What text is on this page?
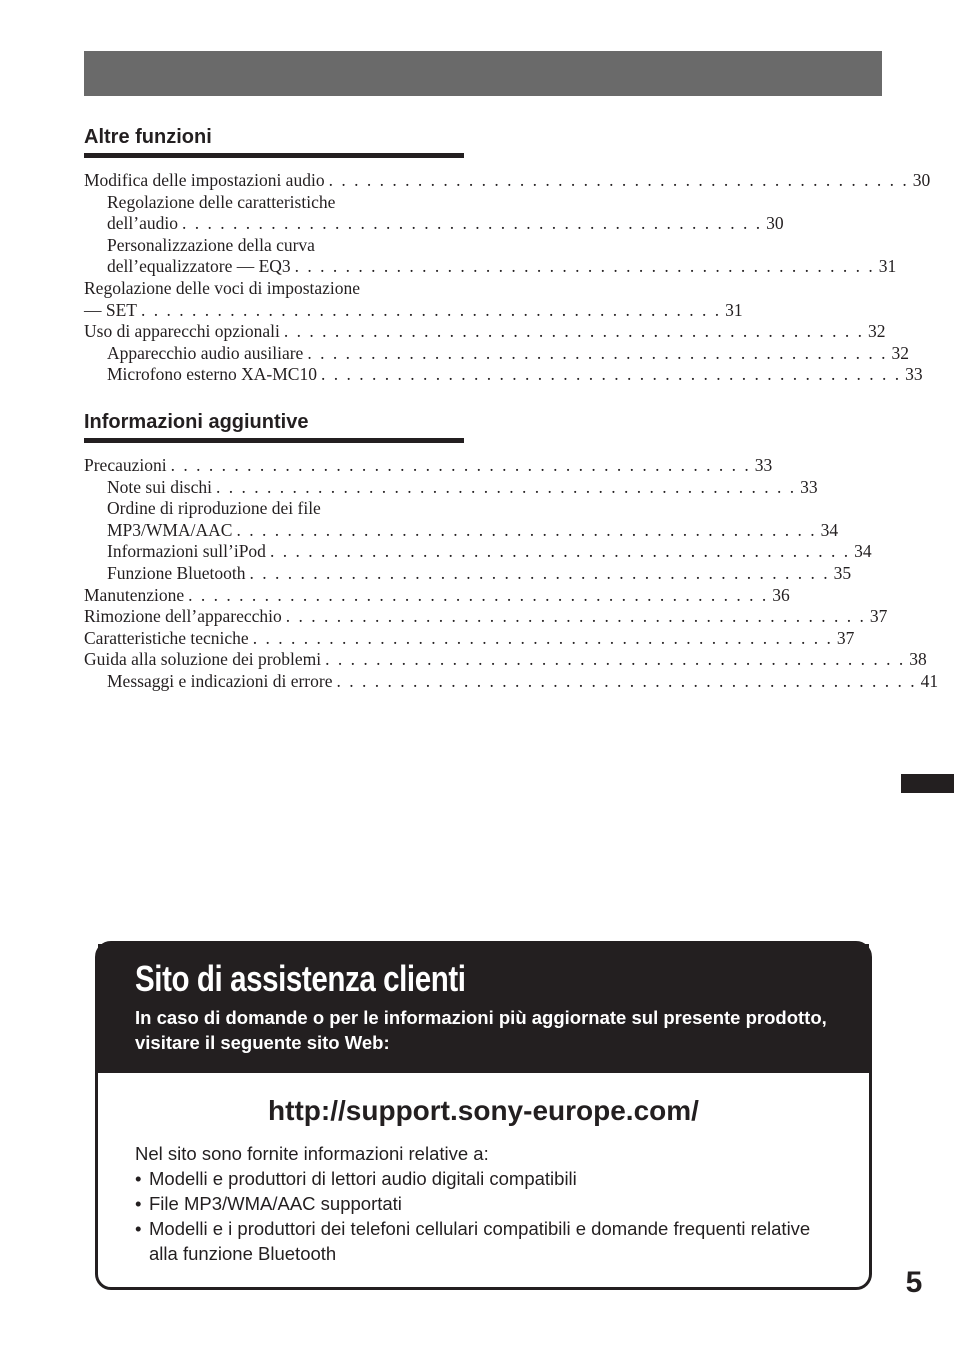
Altre funzioni
Modifica delle impostazioni audio . . . . . . . . . . . . . . . . . . . . . . . . . . . . . . . . . . . . . . . . . . . . . . 30
Regolazione delle caratteristiche
dell’audio . . . . . . . . . . . . . . . . . . . . . . . . . . . . . . . . . . . . . . . . . . . . . . 30
Personalizzazione della curva
dell’equalizzatore — EQ3 . . . . . . . . . . . . . . . . . . . . . . . . . . . . . . . . . . . . . . . . . . . . . . 31
Regolazione delle voci di impostazione
— SET . . . . . . . . . . . . . . . . . . . . . . . . . . . . . . . . . . . . . . . . . . . . . . 31
Uso di apparecchi opzionali . . . . . . . . . . . . . . . . . . . . . . . . . . . . . . . . . . . . . . . . . . . . . . 32
Apparecchio audio ausiliare . . . . . . . . . . . . . . . . . . . . . . . . . . . . . . . . . . . . . . . . . . . . . . 32
Microfono esterno XA-MC10 . . . . . . . . . . . . . . . . . . . . . . . . . . . . . . . . . . . . . . . . . . . . . . 33
Informazioni aggiuntive
Precauzioni . . . . . . . . . . . . . . . . . . . . . . . . . . . . . . . . . . . . . . . . . . . . . . 33
Note sui dischi . . . . . . . . . . . . . . . . . . . . . . . . . . . . . . . . . . . . . . . . . . . . . . 33
Ordine di riproduzione dei file
MP3/WMA/AAC . . . . . . . . . . . . . . . . . . . . . . . . . . . . . . . . . . . . . . . . . . . . . . 34
Informazioni sull’iPod . . . . . . . . . . . . . . . . . . . . . . . . . . . . . . . . . . . . . . . . . . . . . . 34
Funzione Bluetooth . . . . . . . . . . . . . . . . . . . . . . . . . . . . . . . . . . . . . . . . . . . . . . 35
Manutenzione . . . . . . . . . . . . . . . . . . . . . . . . . . . . . . . . . . . . . . . . . . . . . . 36
Rimozione dell’apparecchio . . . . . . . . . . . . . . . . . . . . . . . . . . . . . . . . . . . . . . . . . . . . . . 37
Caratteristiche tecniche . . . . . . . . . . . . . . . . . . . . . . . . . . . . . . . . . . . . . . . . . . . . . . 37
Guida alla soluzione dei problemi . . . . . . . . . . . . . . . . . . . . . . . . . . . . . . . . . . . . . . . . . . . . . . 38
Messaggi e indicazioni di errore . . . . . . . . . . . . . . . . . . . . . . . . . . . . . . . . . . . . . . . . . . . . . . 41
Sito di assistenza clienti

In caso di domande o per le informazioni più aggiornate sul presente prodotto, visitare il seguente sito Web:

http://support.sony-europe.com/
Nel sito sono fornite informazioni relative a:
• Modelli e produttori di lettori audio digitali compatibili
• File MP3/WMA/AAC supportati
• Modelli e i produttori dei telefoni cellulari compatibili e domande frequenti relative alla funzione Bluetooth
5
